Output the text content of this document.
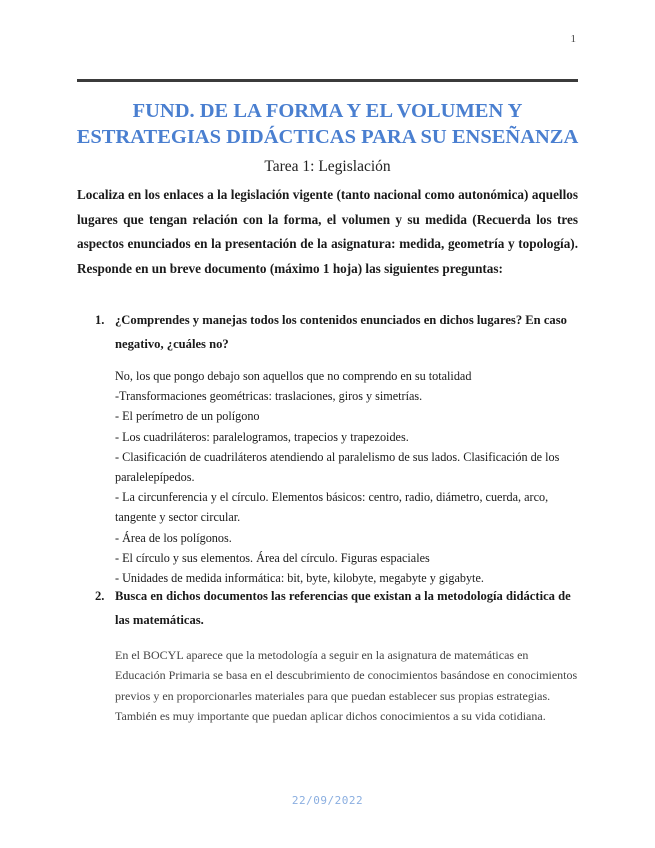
1
FUND. DE LA FORMA Y EL VOLUMEN Y
ESTRATEGIAS DIDÁCTICAS PARA SU ENSEÑANZA

Tarea 1: Legislación

Localiza en los enlaces a la legislación vigente (tanto nacional como autonómica) aquellos lugares que tengan relación con la forma, el volumen y su medida (Recuerda los tres aspectos enunciados en la presentación de la asignatura: medida, geometría y topología). Responde en un breve documento (máximo 1 hoja) las siguientes preguntas:

1. ¿Comprendes y manejas todos los contenidos enunciados en dichos lugares? En caso negativo, ¿cuáles no?
No, los que pongo debajo son aquellos que no comprendo en su totalidad
-Transformaciones geométricas: traslaciones, giros y simetrías.
- El perímetro de un polígono
- Los cuadriláteros: paralelogramos, trapecios y trapezoides.
- Clasificación de cuadriláteros atendiendo al paralelismo de sus lados. Clasificación de los paralelepípedos.
- La circunferencia y el círculo. Elementos básicos: centro, radio, diámetro, cuerda, arco, tangente y sector circular.
- Área de los polígonos.
- El círculo y sus elementos. Área del círculo. Figuras espaciales
- Unidades de medida informática: bit, byte, kilobyte, megabyte y gigabyte.
2. Busca en dichos documentos las referencias que existan a la metodología didáctica de las matemáticas.

En el BOCYL aparece que la metodología a seguir en la asignatura de matemáticas en Educación Primaria se basa en el descubrimiento de conocimientos basándose en conocimientos previos y en proporcionarles materiales para que puedan establecer sus propias estrategias. También es muy importante que puedan aplicar dichos conocimientos a su vida cotidiana.

22/09/2022
